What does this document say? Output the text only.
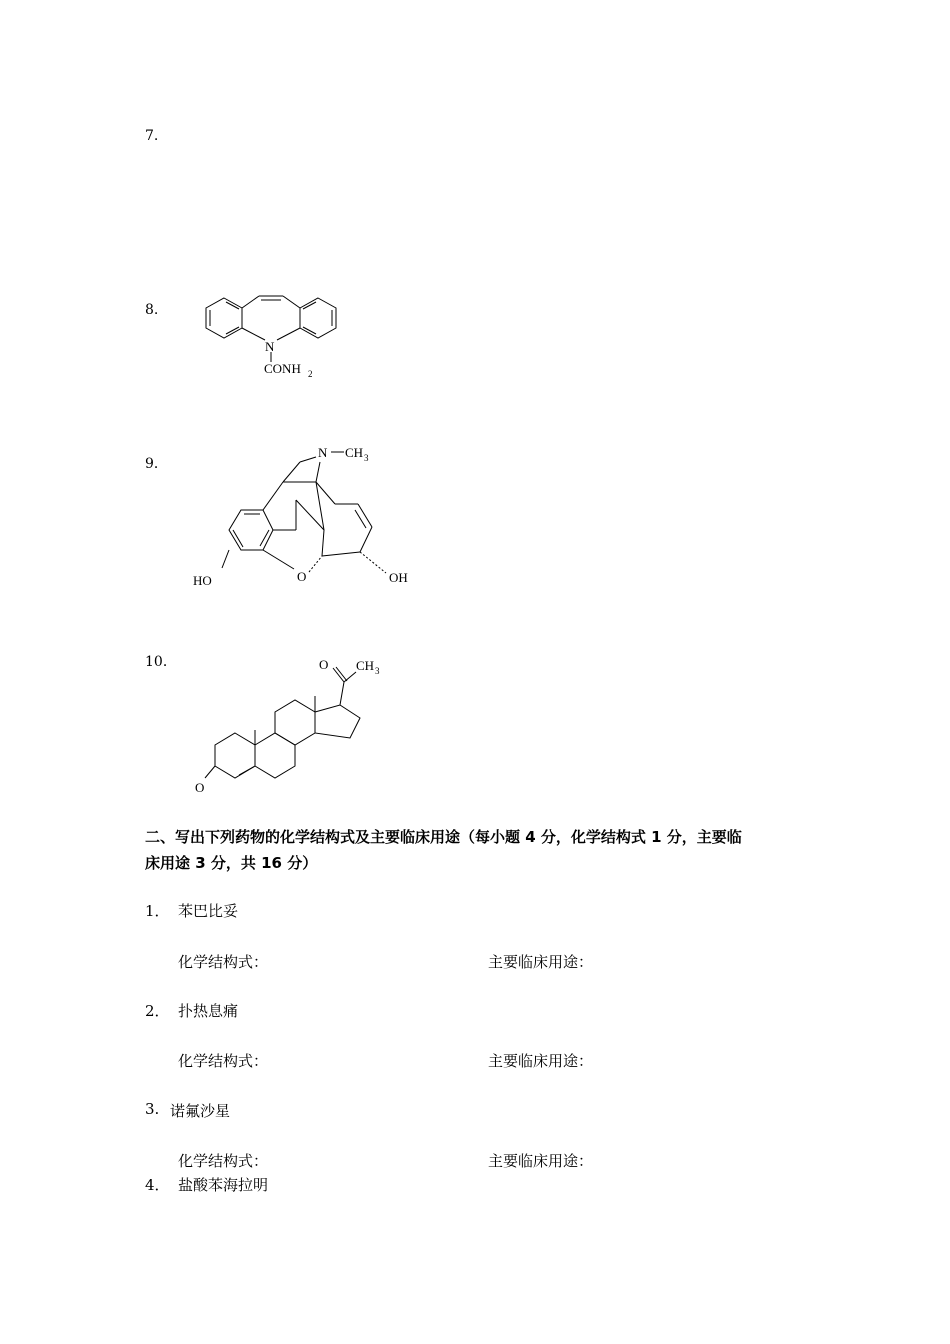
7.
8.
9．
10．
N
CONH 2
HO	O
N CH 3
OH
O
O CH 3
二、写出下列药物的化学结构式及主要临床用途（每小题 4 分，化学结构式 1 分，主要临
床用途 3 分，共 16 分）
1． 苯巴比妥
化学结构式：	主要临床用途：
2． 扑热息痛
化学结构式：	主要临床用途：
3. 诺氟沙星
化学结构式：	主要临床用途：
4． 盐酸苯海拉明
